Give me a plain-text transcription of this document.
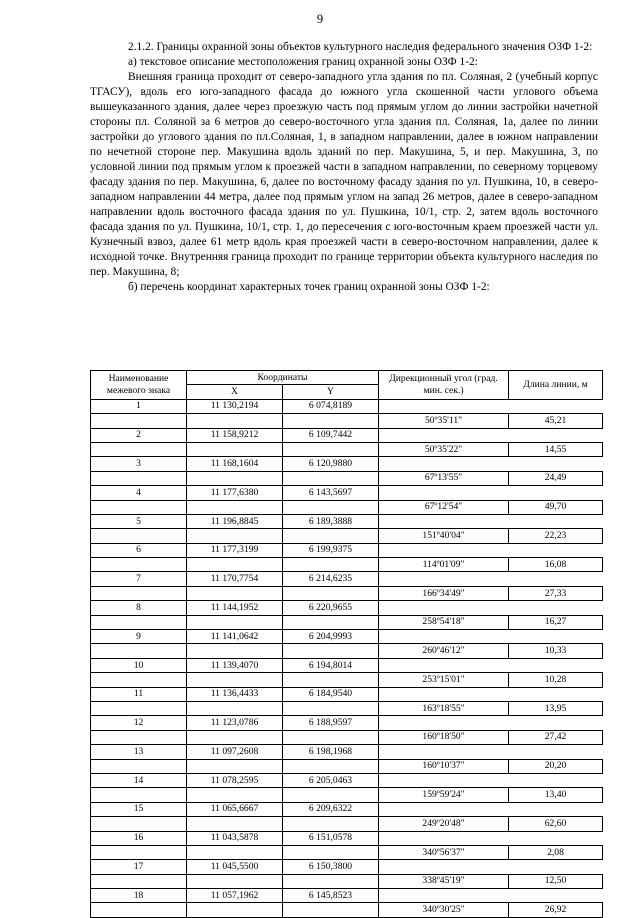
9

2.1.2. Границы охранной зоны объектов культурного наследия федерального значения ОЗФ 1-2:

а) текстовое описание местоположения границ охранной зоны ОЗФ 1-2:

Внешняя граница проходит от северо-западного угла здания по пл. Соляная, 2 (учебный корпус ТГАСУ), вдоль его юго-западного фасада до южного угла скошенной части углового объема вышеуказанного здания, далее через проезжую часть под прямым углом до линии застройки начетной стороны пл. Соляной за 6 метров до северо-восточного угла здания пл. Соляная, 1а, далее по линии застройки до углового здания по пл.Соляная, 1, в западном направлении, далее в южном направлении по нечетной стороне пер. Макушина вдоль зданий по пер. Макушина, 5, и пер. Макушина, 3, по условной линии под прямым углом к проезжей части в западном направлении, по северному торцевому фасаду здания по пер. Макушина, 6, далее по восточному фасаду здания по ул. Пушкина, 10, в северо-западном направлении 44 метра, далее под прямым углом на запад 26 метров, далее в северо-западном направлении вдоль восточного фасада здания по ул. Пушкина, 10/1, стр. 2, затем вдоль восточного фасада здания по ул. Пушкина, 10/1, стр. 1, до пересечения с юго-восточным краем проезжей части ул. Кузнечный взвоз, далее 61 метр вдоль края проезжей части в северо-восточном направлении, далее к исходной точке. Внутренняя граница проходит по границе территории объекта культурного наследия по пер. Макушина, 8;

б) перечень координат характерных точек границ охранной зоны ОЗФ 1-2:

Наименование межевого знака	Координаты		Дирекционный угол (град. мин. сек.)	Длина линии, м
	X	Y		
1	11 130,2194	6 074,8189		
			50º35'11"	45,21
2	11 158,9212	6 109,7442		
			50º35'22"	14,55
3	11 168,1604	6 120,9880		
			67º13'55"	24,49
4	11 177,6380	6 143,5697		
			67º12'54"	49,70
5	11 196,8845	6 189,3888		
			151º40'04"	22,23
6	11 177,3199	6 199,9375		
			114º01'09"	16,08
7	11 170,7754	6 214,6235		
			166º34'49"	27,33
8	11 144,1952	6 220,9655		
			258º54'18"	16,27
9	11 141,0642	6 204,9993		
			260º46'12"	10,33
10	11 139,4070	6 194,8014		
			253º15'01"	10,28
11	11 136,4433	6 184,9540		
			163º18'55"	13,95
12	11 123,0786	6 188,9597		
			160º18'50"	27,42
13	11 097,2608	6 198,1968		
			160º10'37"	20,20
14	11 078,2595	6 205,0463		
			159º59'24"	13,40
15	11 065,6667	6 209,6322		
			249º20'48"	62,60
16	11 043,5878	6 151,0578		
			340º56'37"	2,08
17	11 045,5500	6 150,3800		
			338º45'19"	12,50
18	11 057,1962	6 145,8523		
			340º30'25"	26,92
